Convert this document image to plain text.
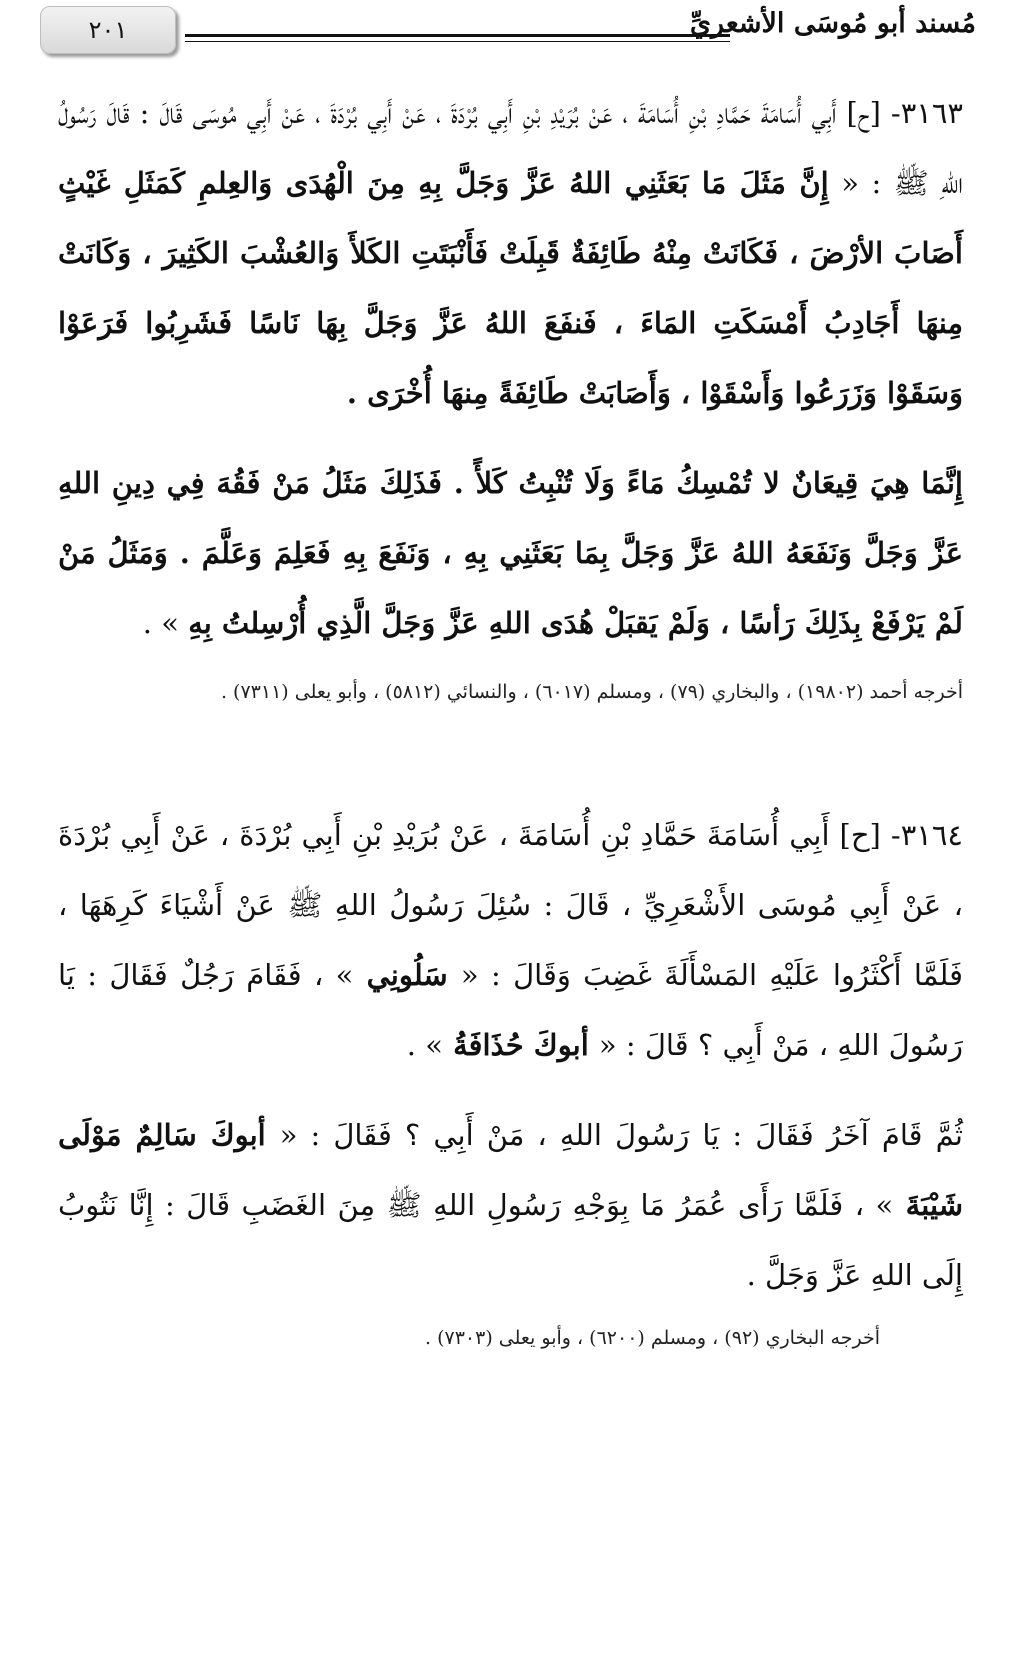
٢٠١	مُسند أبو مُوسَى الأشعريِّ
٣١٦٣- [ح] أَبِي أُسَامَةَ حَمَّادِ بْنِ أُسَامَةَ ، عَنْ بُرَيْدِ بْنِ أَبِي بُرْدَةَ ، عَنْ أَبِي بُرْدَةَ ، عَنْ أَبِي مُوسَى قَالَ : قَالَ رَسُولُ اللهِ ﷺ : « إِنَّ مَثَلَ مَا بَعَثَنِي اللهُ عَزَّ وَجَلَّ بِهِ مِنَ الْهُدَى وَالعِلمِ كَمَثَلِ غَيْثٍ أَصَابَ الأرْضَ ، فَكَانَتْ مِنْهُ طَائِفَةٌ قَبِلَتْ فَأَنْبَتَتِ الكَلأَ وَالعُشْبَ الكَثِيرَ ، وَكَانَتْ مِنهَا أَجَادِبُ أَمْسَكَتِ المَاءَ ، فَنفَعَ اللهُ عَزَّ وَجَلَّ بِهَا نَاسًا فَشَرِبُوا فَرَعَوْا وَسَقَوْا وَزَرَعُوا وَأَسْقَوْا ، وَأَصَابَتْ طَائِفَةً مِنهَا أُخْرَى .
إِنَّمَا هِيَ قِيعَانٌ لا تُمْسِكُ مَاءً وَلَا تُنْبِتُ كَلأً . فَذَلِكَ مَثَلُ مَنْ فَقُهَ فِي دِينِ اللهِ عَزَّ وَجَلَّ وَنَفَعَهُ اللهُ عَزَّ وَجَلَّ بِمَا بَعَثَنِي بِهِ ، وَنَفَعَ بِهِ فَعَلِمَ وَعَلَّمَ . وَمَثَلُ مَنْ لَمْ يَرْفَعْ بِذَلِكَ رَأسًا ، وَلَمْ يَقبَلْ هُدَى اللهِ عَزَّ وَجَلَّ الَّذِي أُرْسِلتُ بِهِ » .
أخرجه أحمد (١٩٨٠٢) ، والبخاري (٧٩) ، ومسلم (٦٠١٧) ، والنسائي (٥٨١٢) ، وأبو يعلى (٧٣١١) .
٣١٦٤- [ح] أَبِي أُسَامَةَ حَمَّادِ بْنِ أُسَامَةَ ، عَنْ بُرَيْدِ بْنِ أَبِي بُرْدَةَ ، عَنْ أَبِي بُرْدَةَ ، عَنْ أَبِي مُوسَى الأَشْعَرِيِّ ، قَالَ : سُئِلَ رَسُولُ اللهِ ﷺ عَنْ أَشْيَاءَ كَرِهَهَا ، فَلَمَّا أَكْثَرُوا عَلَيْهِ المَسْأَلَةَ غَضِبَ وَقَالَ : « سَلُونِي » ، فَقَامَ رَجُلٌ فَقَالَ : يَا رَسُولَ اللهِ ، مَنْ أَبِي ؟ قَالَ : « أبوكَ حُذَافَةُ » .
ثُمَّ قَامَ آخَرُ فَقَالَ : يَا رَسُولَ اللهِ ، مَنْ أَبِي ؟ فَقَالَ : « أبوكَ سَالِمٌ مَوْلَى شَيْبَةَ » ، فَلَمَّا رَأَى عُمَرُ مَا بِوَجْهِ رَسُولِ اللهِ ﷺ مِنَ الغَضَبِ قَالَ : إِنَّا نَتُوبُ إِلَى اللهِ عَزَّ وَجَلَّ .
أخرجه البخاري (٩٢) ، ومسلم (٦٢٠٠) ، وأبو يعلى (٧٣٠٣) .
